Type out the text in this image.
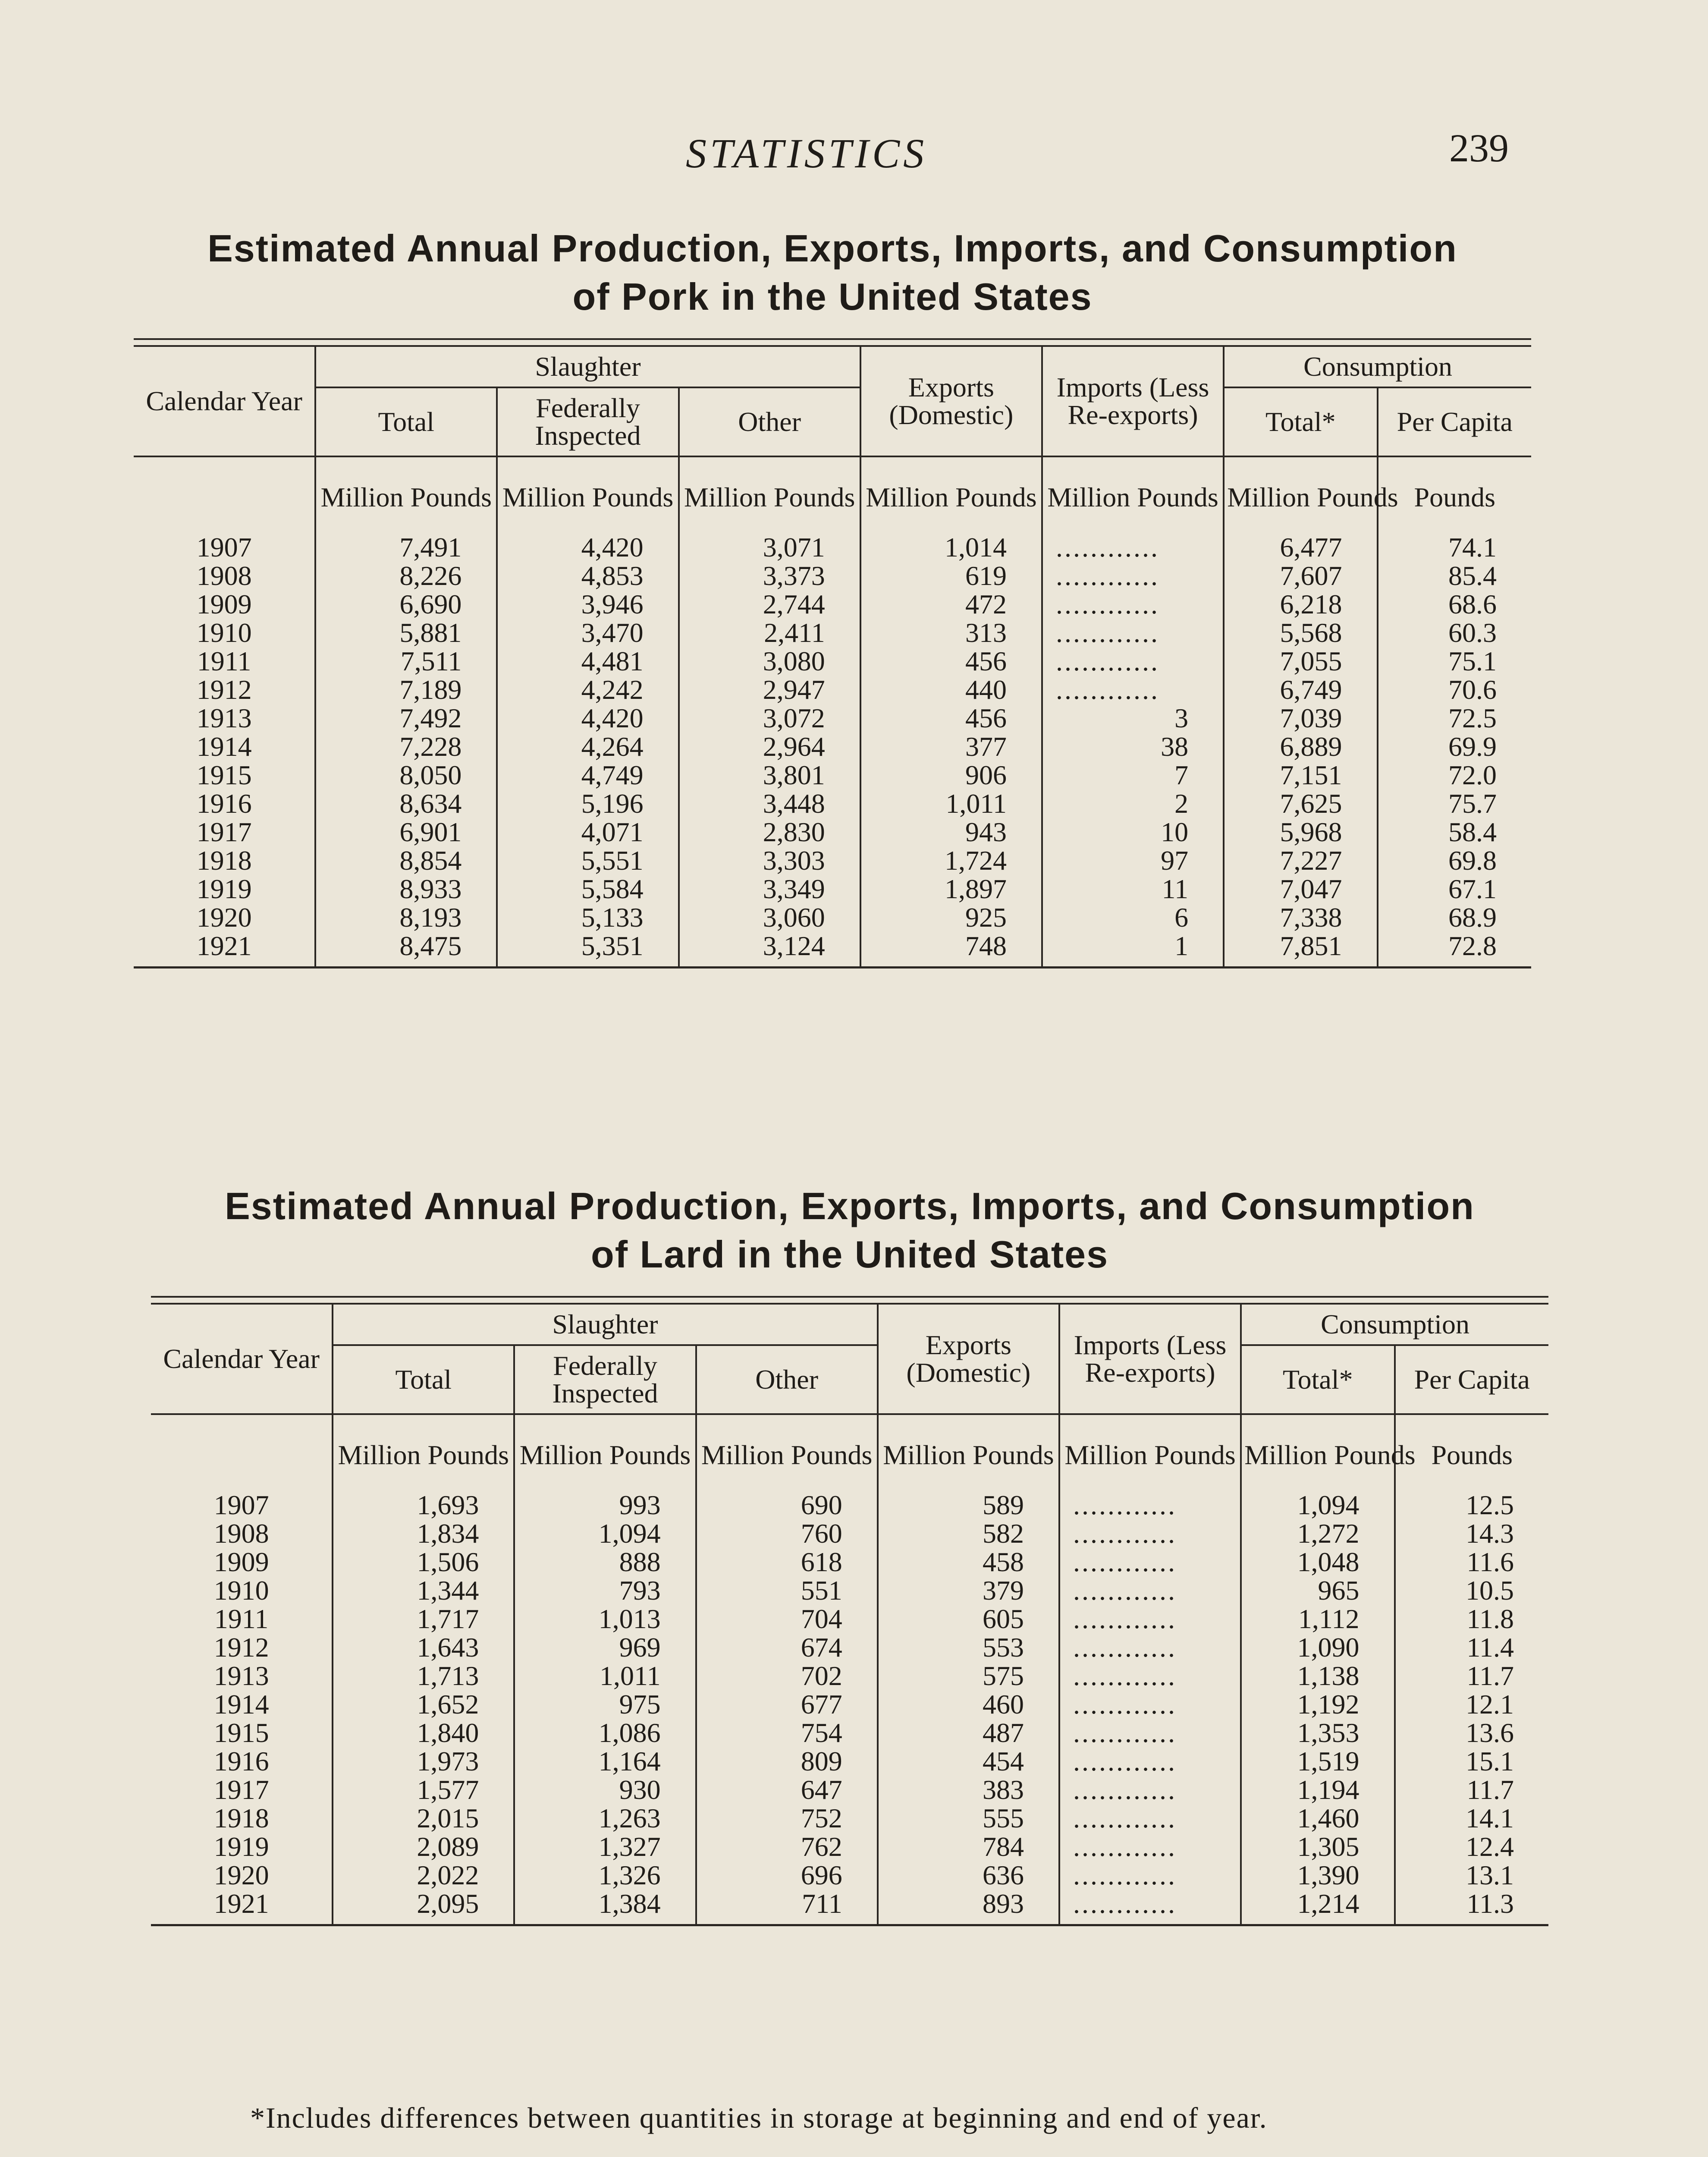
STATISTICS	239
Estimated Annual Production, Exports, Imports, and Consumption
of Pork in the United States
Calendar Year	Slaughter			Exports (Domestic)	Imports (Less Re-exports)	Consumption	
	Total	Federally Inspected	Other			Total*	Per Capita
	Million Pounds	Million Pounds	Million Pounds	Million Pounds	Million Pounds	Million Pounds	Pounds
1907	7,491	4,420	3,071	1,014	............	6,477	74.1
1908	8,226	4,853	3,373	619	............	7,607	85.4
1909	6,690	3,946	2,744	472	............	6,218	68.6
1910	5,881	3,470	2,411	313	............	5,568	60.3
1911	7,511	4,481	3,080	456	............	7,055	75.1
1912	7,189	4,242	2,947	440	............	6,749	70.6
1913	7,492	4,420	3,072	456	3	7,039	72.5
1914	7,228	4,264	2,964	377	38	6,889	69.9
1915	8,050	4,749	3,801	906	7	7,151	72.0
1916	8,634	5,196	3,448	1,011	2	7,625	75.7
1917	6,901	4,071	2,830	943	10	5,968	58.4
1918	8,854	5,551	3,303	1,724	97	7,227	69.8
1919	8,933	5,584	3,349	1,897	11	7,047	67.1
1920	8,193	5,133	3,060	925	6	7,338	68.9
1921	8,475	5,351	3,124	748	1	7,851	72.8
Estimated Annual Production, Exports, Imports, and Consumption
of Lard in the United States
Calendar Year	Slaughter			Exports (Domestic)	Imports (Less Re-exports)	Consumption	
	Total	Federally Inspected	Other			Total*	Per Capita
	Million Pounds	Million Pounds	Million Pounds	Million Pounds	Million Pounds	Million Pounds	Pounds
1907	1,693	993	690	589	............	1,094	12.5
1908	1,834	1,094	760	582	............	1,272	14.3
1909	1,506	888	618	458	............	1,048	11.6
1910	1,344	793	551	379	............	965	10.5
1911	1,717	1,013	704	605	............	1,112	11.8
1912	1,643	969	674	553	............	1,090	11.4
1913	1,713	1,011	702	575	............	1,138	11.7
1914	1,652	975	677	460	............	1,192	12.1
1915	1,840	1,086	754	487	............	1,353	13.6
1916	1,973	1,164	809	454	............	1,519	15.1
1917	1,577	930	647	383	............	1,194	11.7
1918	2,015	1,263	752	555	............	1,460	14.1
1919	2,089	1,327	762	784	............	1,305	12.4
1920	2,022	1,326	696	636	............	1,390	13.1
1921	2,095	1,384	711	893	............	1,214	11.3
*Includes differences between quantities in storage at beginning and end of year.
